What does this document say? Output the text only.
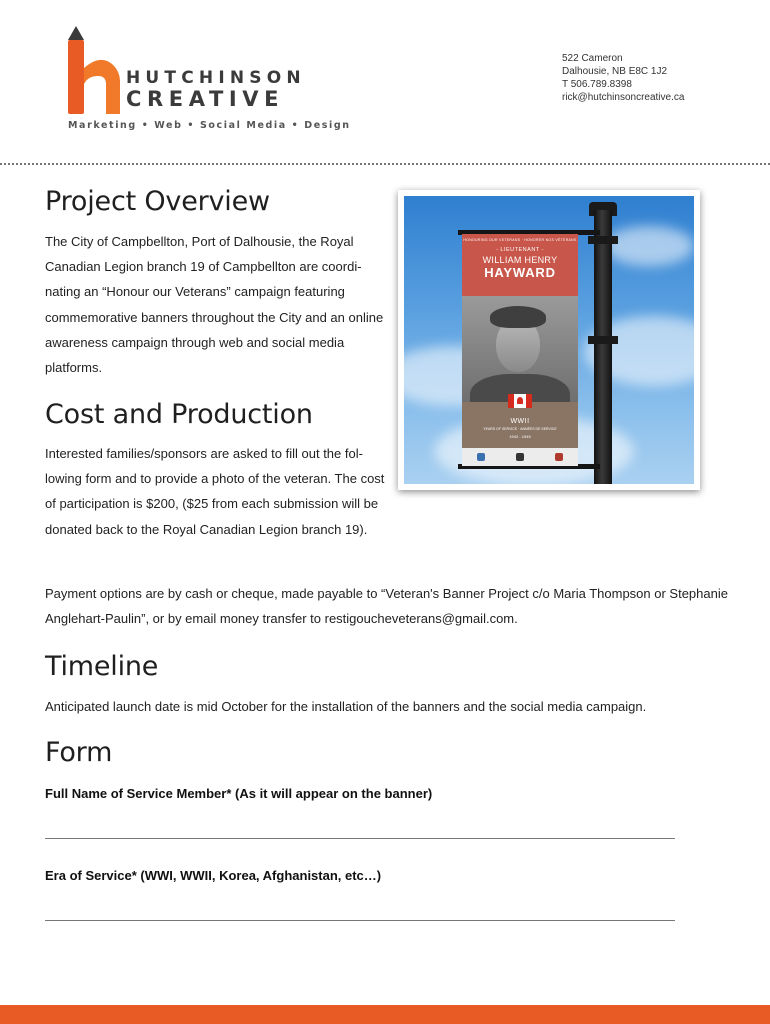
HUTCHINSON
CREATIVE
Marketing • Web • Social Media • Design
522 Cameron
Dalhousie, NB E8C 1J2
T 506.789.8398
rick@hutchinsoncreative.ca
Project Overview

The City of Campbellton, Port of Dalhousie, the Royal Canadian Legion branch 19 of Campbellton are coordi-nating an “Honour our Veterans” campaign featuring commemorative banners throughout the City and an online awareness campaign through web and social media platforms.

HONOURING OUR VETERANS · HONORER NOS VÉTÉRANS
- LIEUTENANT -
WILLIAM HENRY
HAYWARD
WWII
YEARS OF SERVICE · ANNÉES DE SERVICE
1942 - 1945
Cost and Production

Interested families/sponsors are asked to fill out the fol-lowing form and to provide a photo of the veteran. The cost of participation is $200, ($25 from each submission will be donated back to the Royal Canadian Legion branch 19).

Payment options are by cash or cheque, made payable to “Veteran's Banner Project c/o Maria Thompson or Stephanie Anglehart-Paulin”, or by email money transfer to restigoucheveterans@gmail.com.

Timeline

Anticipated launch date is mid October for the installation of the banners and the social media campaign.

Form
Full Name of Service Member* (As it will appear on the banner)
Era of Service* (WWI, WWII, Korea, Afghanistan, etc…)
